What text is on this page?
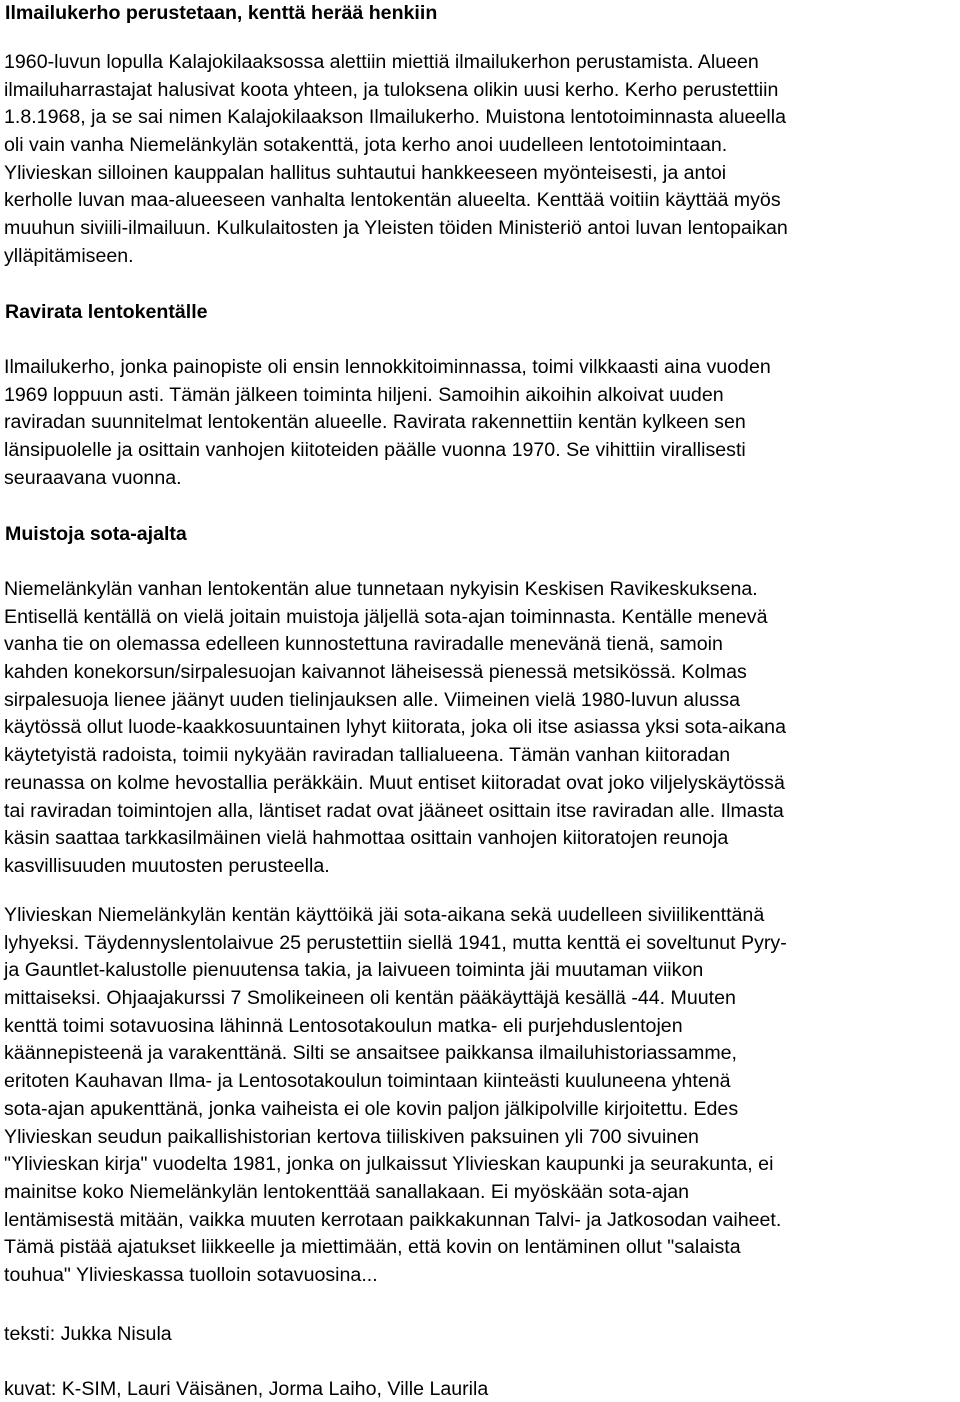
Ilmailukerho perustetaan, kenttä herää henkiin

1960-luvun lopulla Kalajokilaaksossa alettiin miettiä ilmailukerhon perustamista. Alueen
ilmailuharrastajat halusivat koota yhteen, ja tuloksena olikin uusi kerho. Kerho perustettiin
1.8.1968, ja se sai nimen Kalajokilaakson Ilmailukerho. Muistona lentotoiminnasta alueella
oli vain vanha Niemelänkylän sotakenttä, jota kerho anoi uudelleen lentotoimintaan.
Ylivieskan silloinen kauppalan hallitus suhtautui hankkeeseen myönteisesti, ja antoi
kerholle luvan maa-alueeseen vanhalta lentokentän alueelta. Kenttää voitiin käyttää myös
muuhun siviili-ilmailuun. Kulkulaitosten ja Yleisten töiden Ministeriö antoi luvan lentopaikan
ylläpitämiseen.

Ravirata lentokentälle

Ilmailukerho, jonka painopiste oli ensin lennokkitoiminnassa, toimi vilkkaasti aina vuoden
1969 loppuun asti. Tämän jälkeen toiminta hiljeni. Samoihin aikoihin alkoivat uuden
raviradan suunnitelmat lentokentän alueelle. Ravirata rakennettiin kentän kylkeen sen
länsipuolelle ja osittain vanhojen kiitoteiden päälle vuonna 1970. Se vihittiin virallisesti
seuraavana vuonna.

Muistoja sota-ajalta

Niemelänkylän vanhan lentokentän alue tunnetaan nykyisin Keskisen Ravikeskuksena.
Entisellä kentällä on vielä joitain muistoja jäljellä sota-ajan toiminnasta. Kentälle menevä
vanha tie on olemassa edelleen kunnostettuna raviradalle menevänä tienä, samoin
kahden konekorsun/sirpalesuojan kaivannot läheisessä pienessä metsikössä. Kolmas
sirpalesuoja lienee jäänyt uuden tielinjauksen alle. Viimeinen vielä 1980-luvun alussa
käytössä ollut luode-kaakkosuuntainen lyhyt kiitorata, joka oli itse asiassa yksi sota-aikana
käytetyistä radoista, toimii nykyään raviradan tallialueena. Tämän vanhan kiitoradan
reunassa on kolme hevostallia peräkkäin. Muut entiset kiitoradat ovat joko viljelyskäytössä
tai raviradan toimintojen alla, läntiset radat ovat jääneet osittain itse raviradan alle. Ilmasta
käsin saattaa tarkkasilmäinen vielä hahmottaa osittain vanhojen kiitoratojen reunoja
kasvillisuuden muutosten perusteella.

Ylivieskan Niemelänkylän kentän käyttöikä jäi sota-aikana sekä uudelleen siviilikenttänä
lyhyeksi. Täydennyslentolaivue 25 perustettiin siellä 1941, mutta kenttä ei soveltunut Pyry-
ja Gauntlet-kalustolle pienuutensa takia, ja laivueen toiminta jäi muutaman viikon
mittaiseksi. Ohjaajakurssi 7 Smolikeineen oli kentän pääkäyttäjä kesällä -44. Muuten
kenttä toimi sotavuosina lähinnä Lentosotakoulun matka- eli purjehduslentojen
käännepisteenä ja varakenttänä. Silti se ansaitsee paikkansa ilmailuhistoriassamme,
eritoten Kauhavan Ilma- ja Lentosotakoulun toimintaan kiinteästi kuuluneena yhtenä
sota-ajan apukenttänä, jonka vaiheista ei ole kovin paljon jälkipolville kirjoitettu. Edes
Ylivieskan seudun paikallishistorian kertova tiiliskiven paksuinen yli 700 sivuinen
"Ylivieskan kirja" vuodelta 1981, jonka on julkaissut Ylivieskan kaupunki ja seurakunta, ei
mainitse koko Niemelänkylän lentokenttää sanallakaan. Ei myöskään sota-ajan
lentämisestä mitään, vaikka muuten kerrotaan paikkakunnan Talvi- ja Jatkosodan vaiheet.
Tämä pistää ajatukset liikkeelle ja miettimään, että kovin on lentäminen ollut "salaista
touhua" Ylivieskassa tuolloin sotavuosina...

teksti: Jukka Nisula

kuvat: K-SIM, Lauri Väisänen, Jorma Laiho, Ville Laurila
